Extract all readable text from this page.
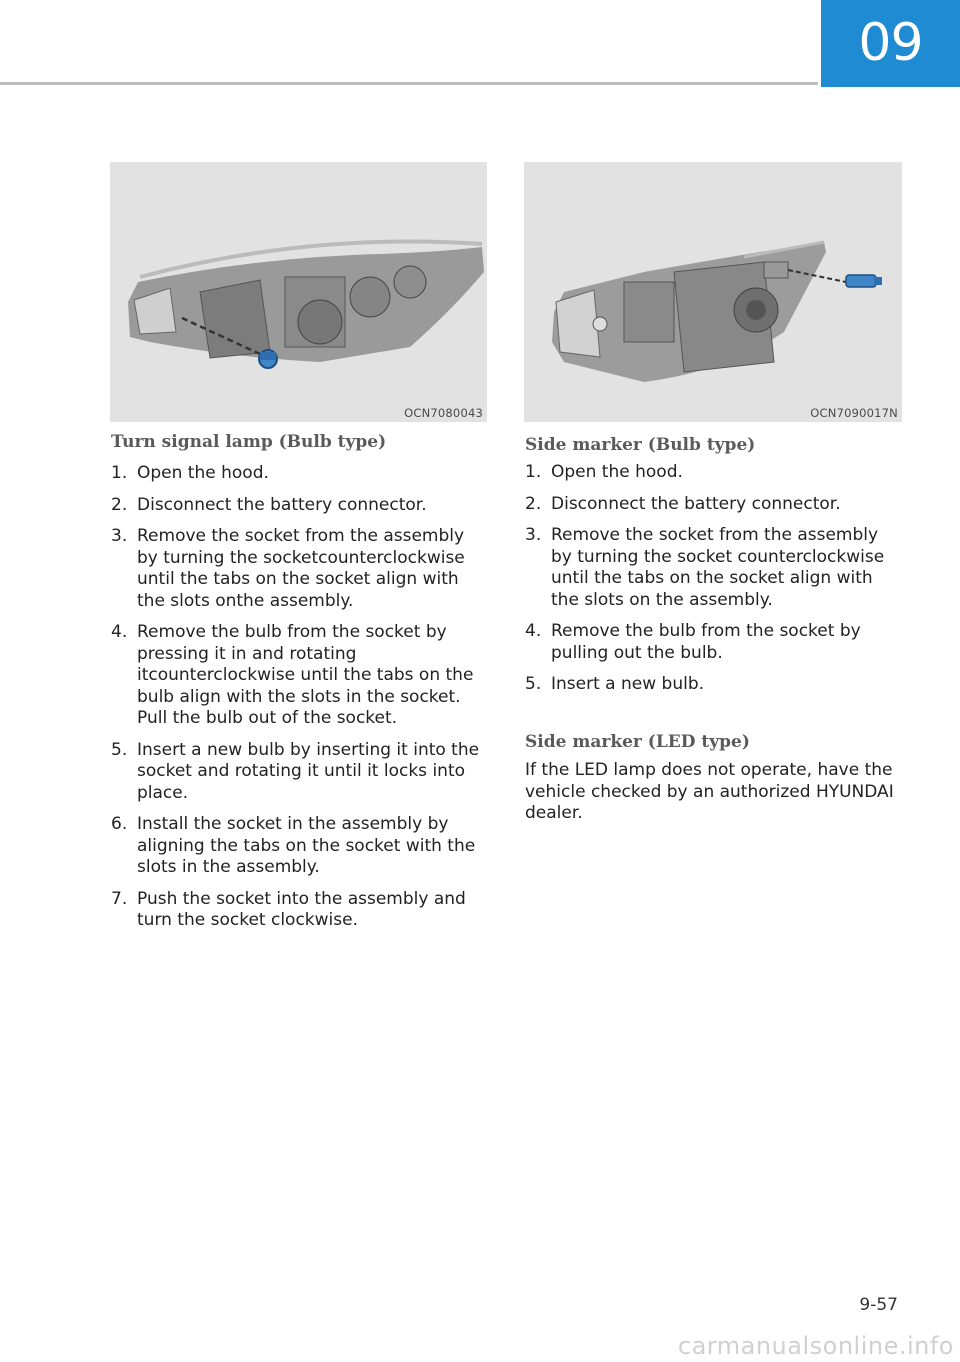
09
OCN7080043	OCN7090017N
Turn signal lamp (Bulb type)
1. Open the hood.
2. Disconnect the battery connector.
3. Remove the socket from the assembly by turning the socketcounterclockwise until the tabs on the socket align with the slots onthe assembly.
4. Remove the bulb from the socket by pressing it in and rotating itcounterclockwise until the tabs on the bulb align with the slots in the socket. Pull the bulb out of the socket.
5. Insert a new bulb by inserting it into the socket and rotating it until it locks into place.
6. Install the socket in the assembly by aligning the tabs on the socket with the slots in the assembly.
7. Push the socket into the assembly and turn the socket clockwise.
Side marker (Bulb type)
1. Open the hood.
2. Disconnect the battery connector.
3. Remove the socket from the assembly by turning the socket counterclockwise until the tabs on the socket align with the slots on the assembly.
4. Remove the bulb from the socket by pulling out the bulb.
5. Insert a new bulb.
Side marker (LED type)

If the LED lamp does not operate, have the vehicle checked by an authorized HYUNDAI dealer.

9-57
carmanualsonline.info
